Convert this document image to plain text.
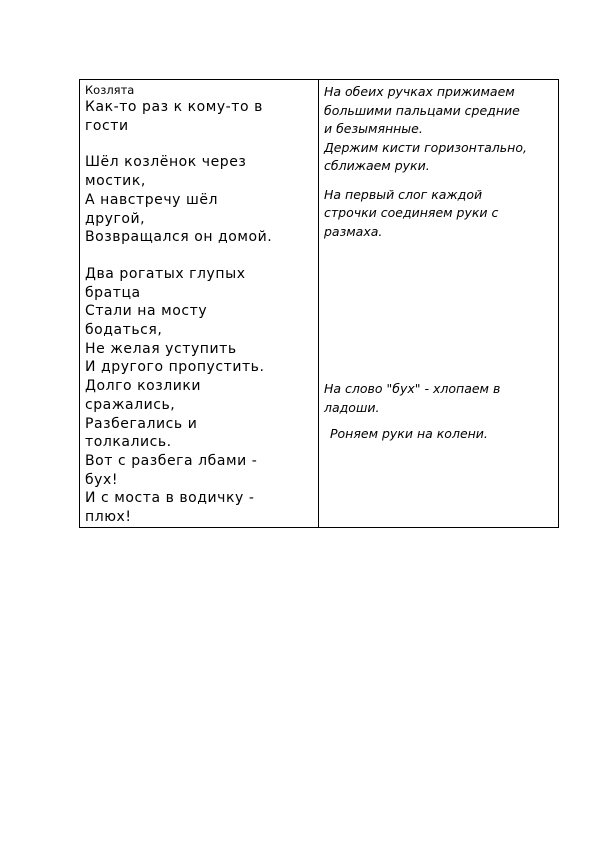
Козлята

Как-то раз к кому-то в

гости

Шёл козлёнок через

мостик,

А навстречу шёл

другой,

Возвращался он домой.

Два рогатых глупых

братца

Стали на мосту

бодаться,

Не желая уступить

И другого пропустить.

Долго козлики

сражались,

Разбегались и

толкались.

Вот с разбега лбами -

бух!

И с моста в водичку -

плюх!

На обеих ручках прижимаем

большими пальцами средние

и безымянные.

Держим кисти горизонтально,

сближаем руки.

На первый слог каждой

строчки соединяем руки с

размаха.

На слово "бух" - хлопаем в

ладоши.

Роняем руки на колени.
